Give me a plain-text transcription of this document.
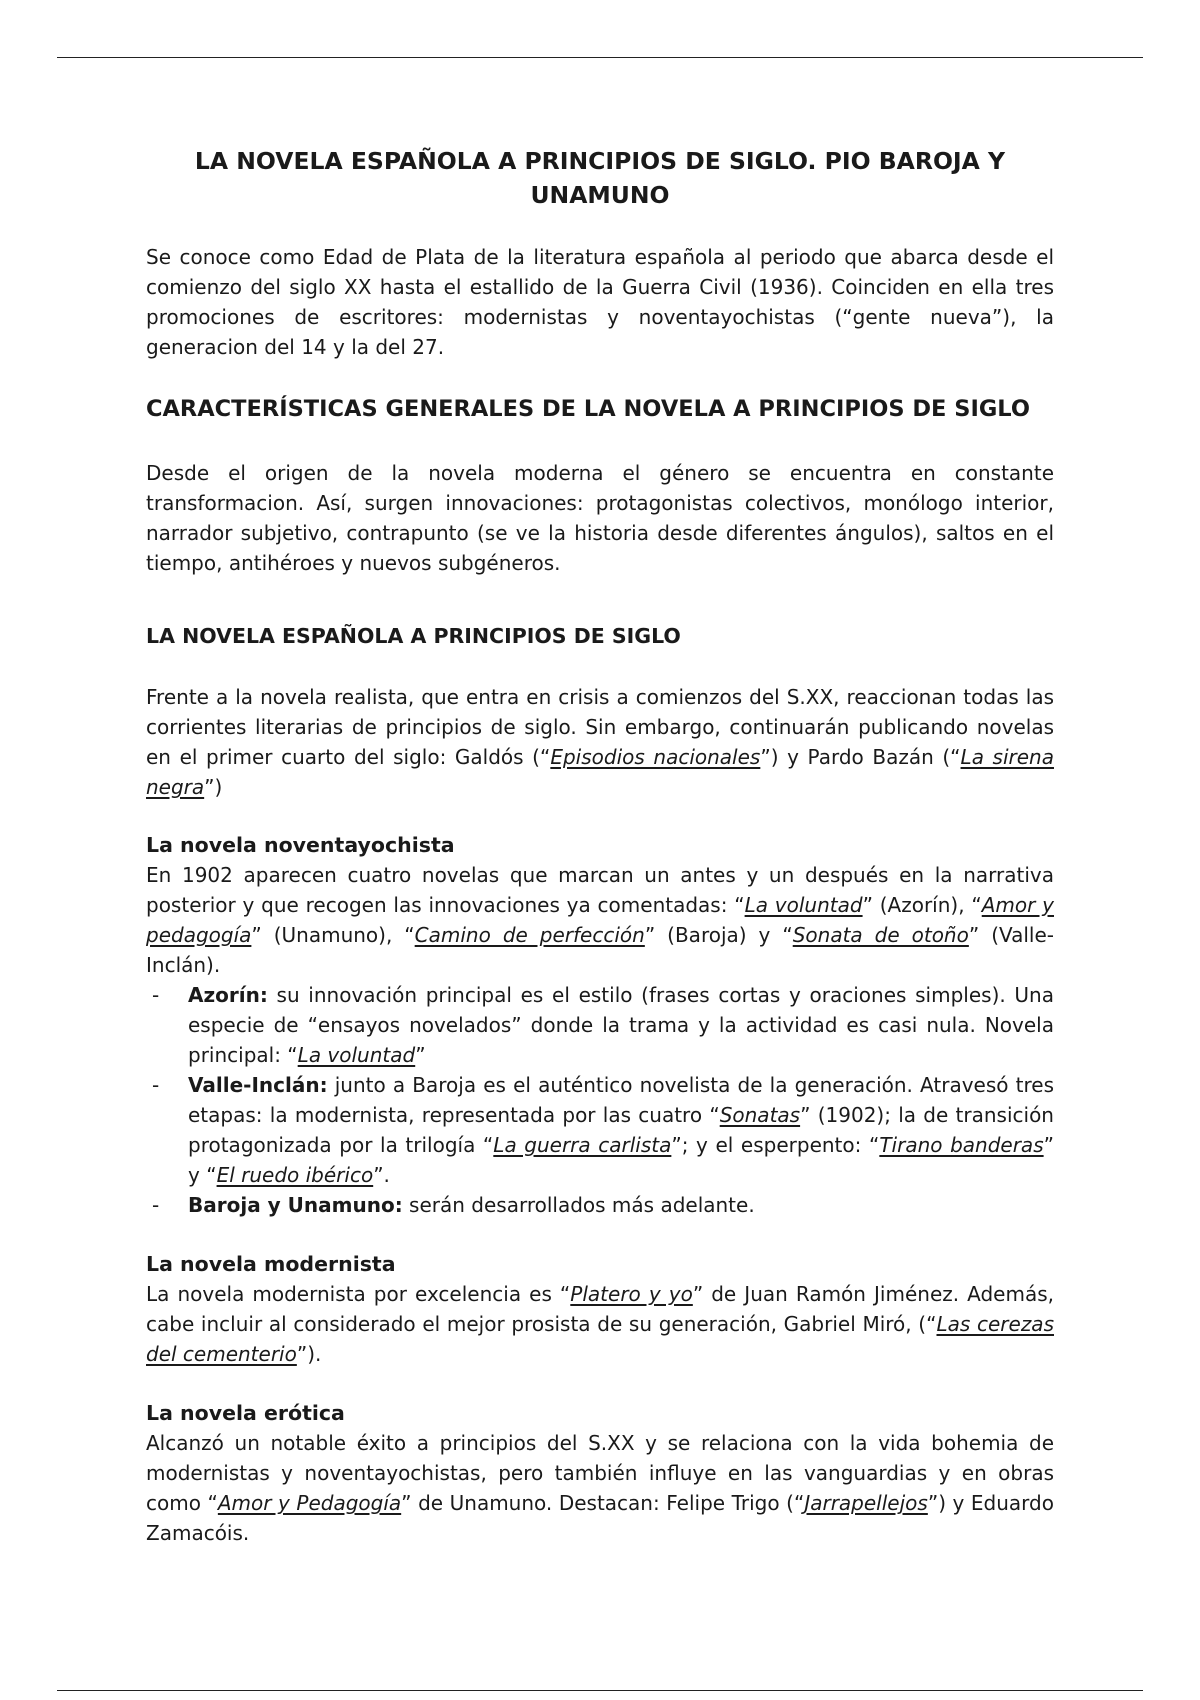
LA NOVELA ESPAÑOLA A PRINCIPIOS DE SIGLO. PIO BAROJA Y UNAMUNO

Se conoce como Edad de Plata de la literatura española al periodo que abarca desde el comienzo del siglo XX hasta el estallido de la Guerra Civil (1936). Coinciden en ella tres promociones de escritores: modernistas y noventayochistas (“gente nueva”), la generacion del 14 y la del 27.

CARACTERÍSTICAS GENERALES DE LA NOVELA A PRINCIPIOS DE SIGLO

Desde el origen de la novela moderna el género se encuentra en constante transformacion. Así, surgen innovaciones: protagonistas colectivos, monólogo interior, narrador subjetivo, contrapunto (se ve la historia desde diferentes ángulos), saltos en el tiempo, antihéroes y nuevos subgéneros.

LA NOVELA ESPAÑOLA A PRINCIPIOS DE SIGLO

Frente a la novela realista, que entra en crisis a comienzos del S.XX, reaccionan todas las corrientes literarias de principios de siglo. Sin embargo, continuarán publicando novelas en el primer cuarto del siglo: Galdós (“Episodios nacionales”) y Pardo Bazán (“La sirena negra”)

La novela noventayochista

En 1902 aparecen cuatro novelas que marcan un antes y un después en la narrativa posterior y que recogen las innovaciones ya comentadas: “La voluntad” (Azorín), “Amor y pedagogía” (Unamuno), “Camino de perfección” (Baroja) y “Sonata de otoño” (Valle-Inclán).

- Azorín: su innovación principal es el estilo (frases cortas y oraciones simples). Una especie de “ensayos novelados” donde la trama y la actividad es casi nula. Novela principal: “La voluntad”
- Valle-Inclán: junto a Baroja es el auténtico novelista de la generación. Atravesó tres etapas: la modernista, representada por las cuatro “Sonatas” (1902); la de transición protagonizada por la trilogía “La guerra carlista”; y el esperpento: “Tirano banderas” y “El ruedo ibérico”.
- Baroja y Unamuno: serán desarrollados más adelante.
La novela modernista

La novela modernista por excelencia es “Platero y yo” de Juan Ramón Jiménez. Además, cabe incluir al considerado el mejor prosista de su generación, Gabriel Miró, (“Las cerezas del cementerio”).

La novela erótica

Alcanzó un notable éxito a principios del S.XX y se relaciona con la vida bohemia de modernistas y noventayochistas, pero también influye en las vanguardias y en obras como “Amor y Pedagogía” de Unamuno. Destacan: Felipe Trigo (“Jarrapellejos”) y Eduardo Zamacóis.
